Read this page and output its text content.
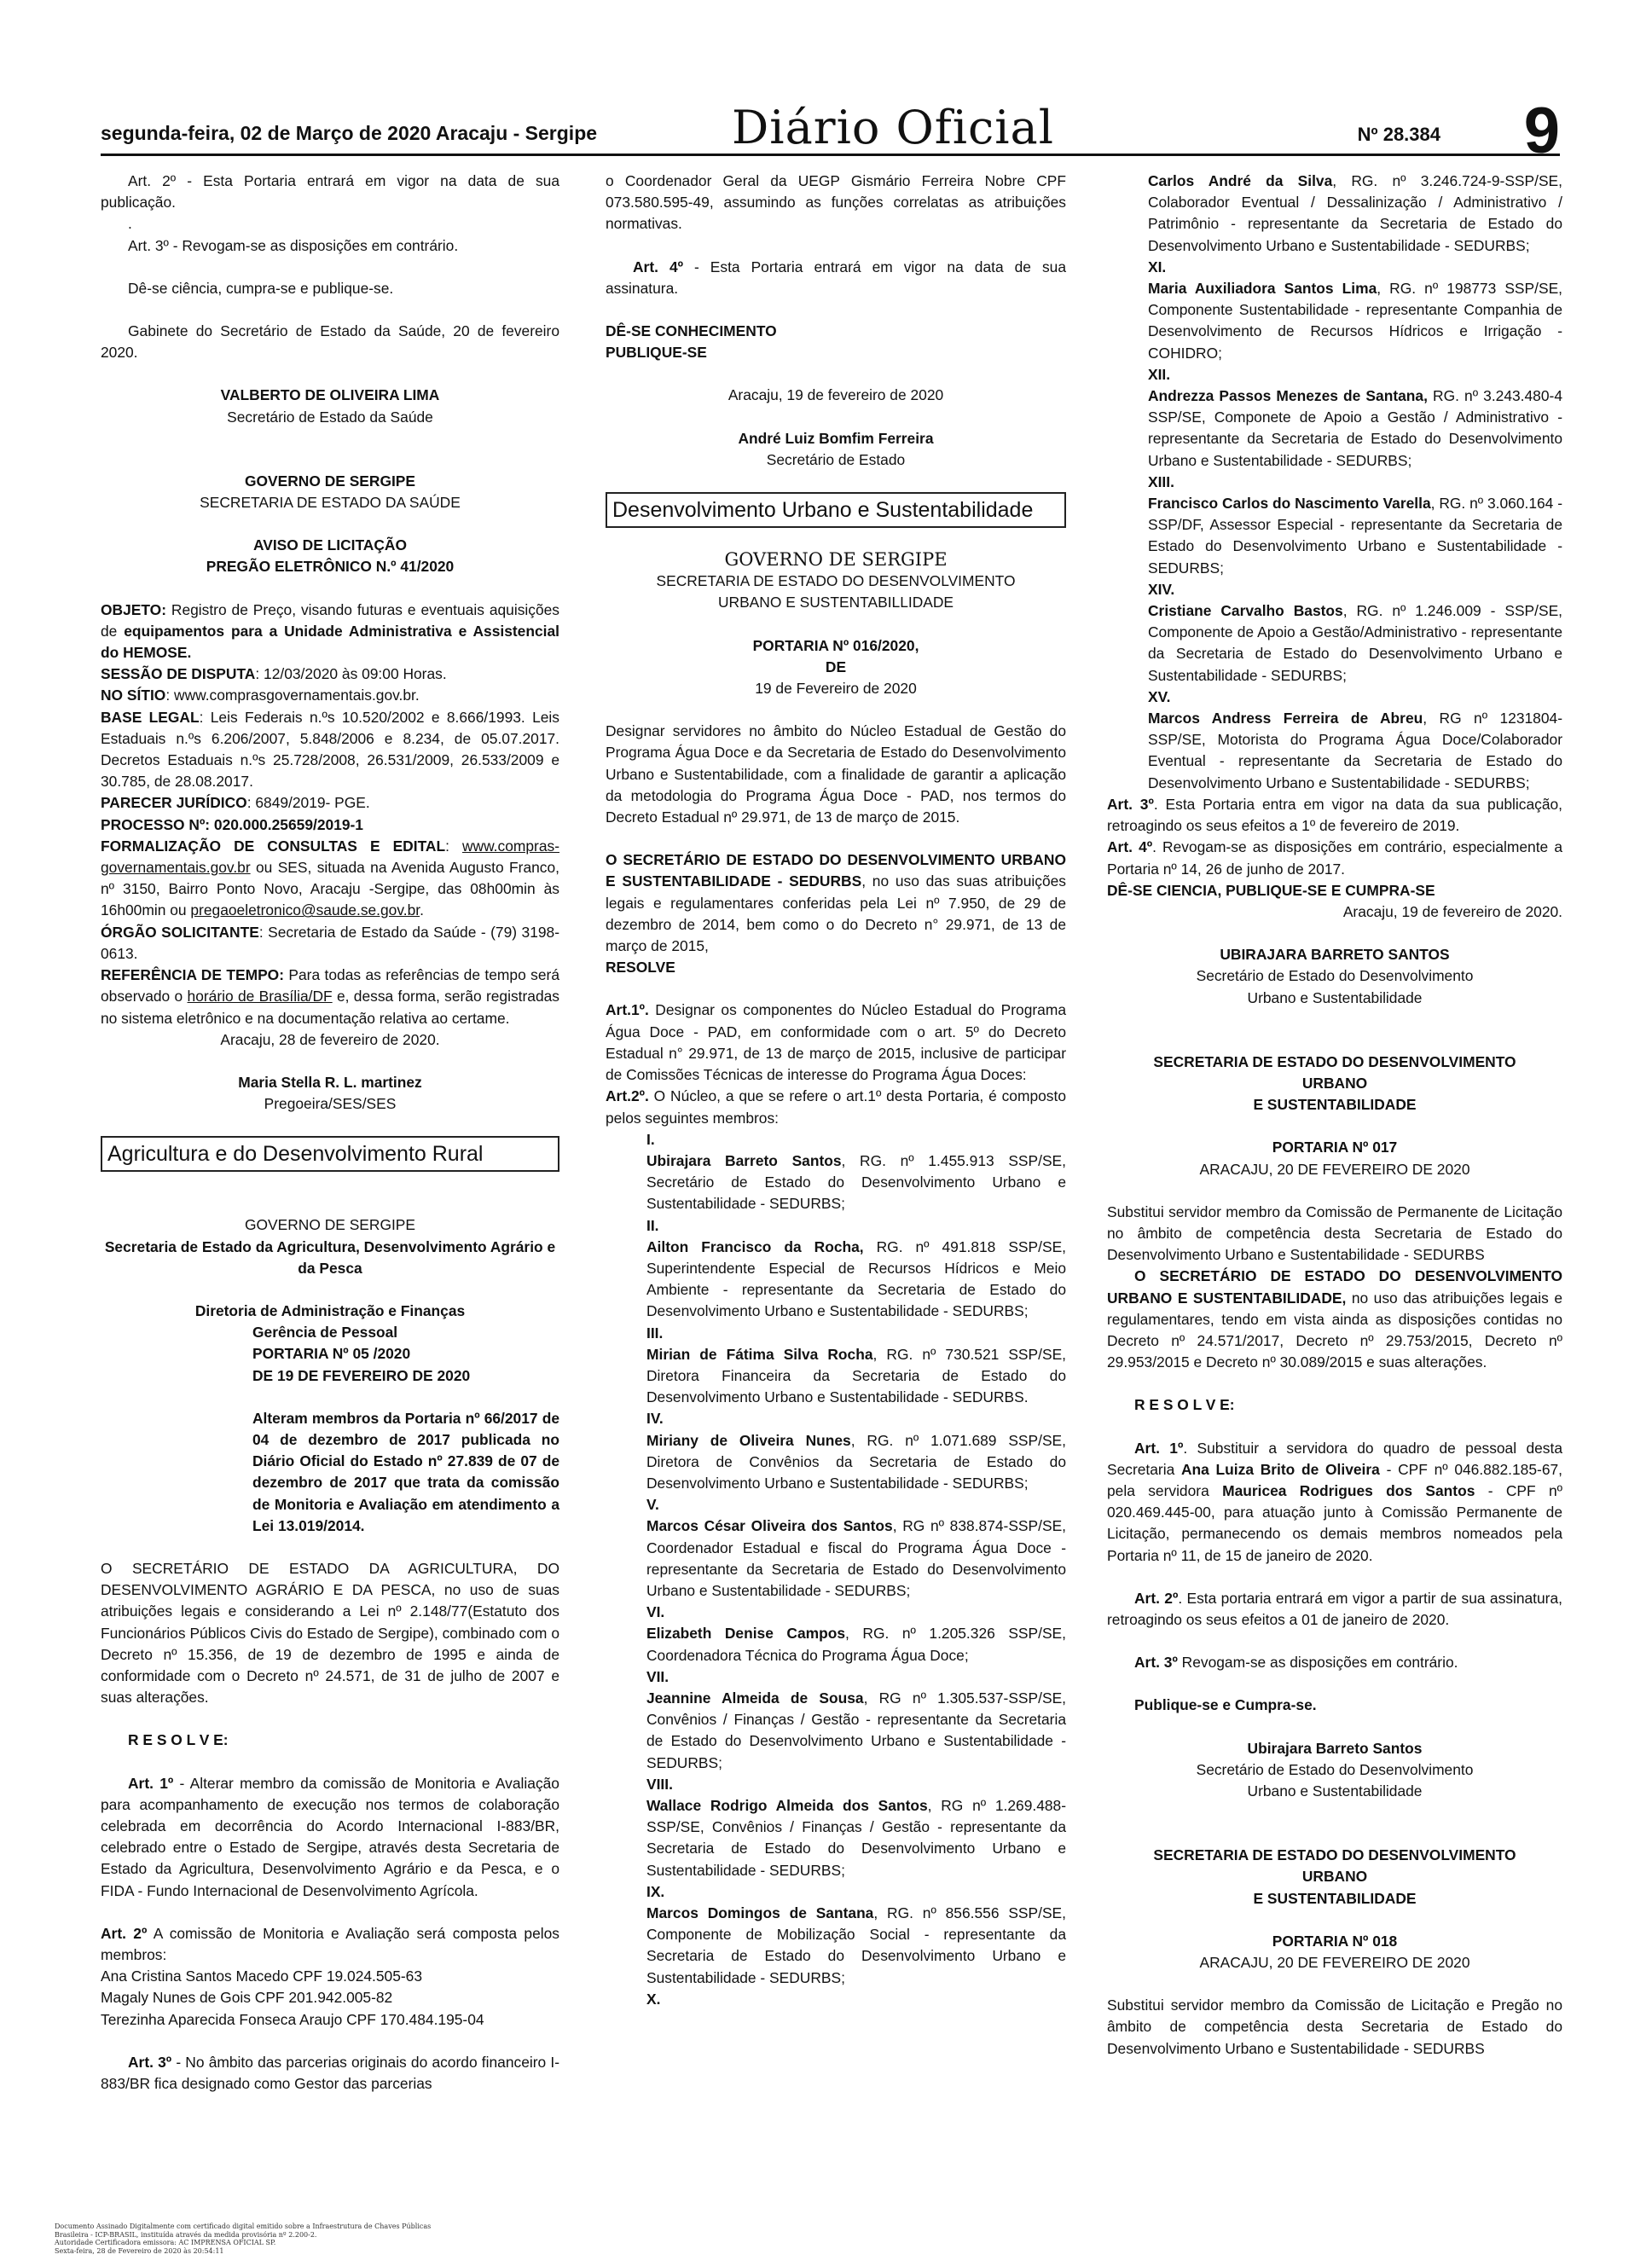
segunda-feira, 02 de Março de 2020 Aracaju - Sergipe	Diário Oficial	Nº 28.384 9

Art. 2º - Esta Portaria entrará em vigor na data de sua publicação.

.

Art. 3º - Revogam-se as disposições em contrário.

Dê-se ciência, cumpra-se e publique-se.

Gabinete do Secretário de Estado da Saúde, 20 de fevereiro 2020.

VALBERTO DE OLIVEIRA LIMA

Secretário de Estado da Saúde

GOVERNO DE SERGIPE

SECRETARIA DE ESTADO DA SAÚDE

AVISO DE LICITAÇÃO

PREGÃO ELETRÔNICO N.º 41/2020

OBJETO: Registro de Preço, visando futuras e eventuais aquisições de equipamentos para a Unidade Administrativa e Assistencial do HEMOSE.

SESSÃO DE DISPUTA: 12/03/2020 às 09:00 Horas.

NO SÍTIO: www.comprasgovernamentais.gov.br.

BASE LEGAL: Leis Federais n.ºs 10.520/2002 e 8.666/1993. Leis Estaduais n.ºs 6.206/2007, 5.848/2006 e 8.234, de 05.07.2017. Decretos Estaduais n.ºs 25.728/2008, 26.531/2009, 26.533/2009 e 30.785, de 28.08.2017.

PARECER JURÍDICO: 6849/2019- PGE.

PROCESSO Nº: 020.000.25659/2019-1

FORMALIZAÇÃO DE CONSULTAS E EDITAL: www.compras-governamentais.gov.br ou SES, situada na Avenida Augusto Franco, nº 3150, Bairro Ponto Novo, Aracaju -Sergipe, das 08h00min às 16h00min ou pregaoeletronico@saude.se.gov.br.

ÓRGÃO SOLICITANTE: Secretaria de Estado da Saúde - (79) 3198-0613.

REFERÊNCIA DE TEMPO: Para todas as referências de tempo será observado o horário de Brasília/DF e, dessa forma, serão registradas no sistema eletrônico e na documentação relativa ao certame.

Aracaju, 28 de fevereiro de 2020.

Maria Stella R. L. martinez

Pregoeira/SES/SES

Agricultura e do Desenvolvimento Rural

GOVERNO DE SERGIPE

Secretaria de Estado da Agricultura, Desenvolvimento Agrário e da Pesca

Diretoria de Administração e Finanças

Gerência de Pessoal

PORTARIA Nº 05 /2020

DE 19 DE FEVEREIRO DE 2020

Alteram membros da Portaria nº 66/2017 de 04 de dezembro de 2017 publicada no Diário Oficial do Estado nº 27.839 de 07 de dezembro de 2017 que trata da comissão de Monitoria e Avaliação em atendimento a Lei 13.019/2014.

O SECRETÁRIO DE ESTADO DA AGRICULTURA, DO DESENVOLVIMENTO AGRÁRIO E DA PESCA, no uso de suas atribuições legais e considerando a Lei nº 2.148/77(Estatuto dos Funcionários Públicos Civis do Estado de Sergipe), combinado com o Decreto nº 15.356, de 19 de dezembro de 1995 e ainda de conformidade com o Decreto nº 24.571, de 31 de julho de 2007 e suas alterações.

R E S O L V E:

Art. 1º - Alterar membro da comissão de Monitoria e Avaliação para acompanhamento de execução nos termos de colaboração celebrada em decorrência do Acordo Internacional I-883/BR, celebrado entre o Estado de Sergipe, através desta Secretaria de Estado da Agricultura, Desenvolvimento Agrário e da Pesca, e o FIDA - Fundo Internacional de Desenvolvimento Agrícola.

Art. 2º A comissão de Monitoria e Avaliação será composta pelos membros:

Ana Cristina Santos Macedo CPF 19.024.505-63

Magaly Nunes de Gois CPF 201.942.005-82

Terezinha Aparecida Fonseca Araujo CPF 170.484.195-04

Art. 3º - No âmbito das parcerias originais do acordo financeiro I-883/BR fica designado como Gestor das parcerias

o Coordenador Geral da UEGP Gismário Ferreira Nobre CPF 073.580.595-49, assumindo as funções correlatas as atribuições normativas.

Art. 4º - Esta Portaria entrará em vigor na data de sua assinatura.

DÊ-SE CONHECIMENTO

PUBLIQUE-SE

Aracaju, 19 de fevereiro de 2020

André Luiz Bomfim Ferreira

Secretário de Estado

Desenvolvimento Urbano e Sustentabilidade

GOVERNO DE SERGIPE

SECRETARIA DE ESTADO DO DESENVOLVIMENTO URBANO E SUSTENTABILLIDADE

PORTARIA Nº 016/2020,

DE

19 de Fevereiro de 2020

Designar servidores no âmbito do Núcleo Estadual de Gestão do Programa Água Doce e da Secretaria de Estado do Desenvolvimento Urbano e Sustentabilidade, com a finalidade de garantir a aplicação da metodologia do Programa Água Doce - PAD, nos termos do Decreto Estadual nº 29.971, de 13 de março de 2015.

O SECRETÁRIO DE ESTADO DO DESENVOLVIMENTO URBANO E SUSTENTABILIDADE - SEDURBS, no uso das suas atribuições legais e regulamentares conferidas pela Lei nº 7.950, de 29 de dezembro de 2014, bem como o do Decreto n° 29.971, de 13 de março de 2015,

RESOLVE

Art.1º. Designar os componentes do Núcleo Estadual do Programa Água Doce - PAD, em conformidade com o art. 5º do Decreto Estadual n° 29.971, de 13 de março de 2015, inclusive de participar de Comissões Técnicas de interesse do Programa Água Doces:

Art.2º. O Núcleo, a que se refere o art.1º desta Portaria, é composto pelos seguintes membros:

I.

Ubirajara Barreto Santos, RG. nº 1.455.913 SSP/SE, Secretário de Estado do Desenvolvimento Urbano e Sustentabilidade - SEDURBS;

II.

Ailton Francisco da Rocha, RG. nº 491.818 SSP/SE, Superintendente Especial de Recursos Hídricos e Meio Ambiente - representante da Secretaria de Estado do Desenvolvimento Urbano e Sustentabilidade - SEDURBS;

III.

Mirian de Fátima Silva Rocha, RG. nº 730.521 SSP/SE, Diretora Financeira da Secretaria de Estado do Desenvolvimento Urbano e Sustentabilidade - SEDURBS.

IV.

Miriany de Oliveira Nunes, RG. nº 1.071.689 SSP/SE, Diretora de Convênios da Secretaria de Estado do Desenvolvimento Urbano e Sustentabilidade - SEDURBS;

V.

Marcos César Oliveira dos Santos, RG nº 838.874-SSP/SE, Coordenador Estadual e fiscal do Programa Água Doce - representante da Secretaria de Estado do Desenvolvimento Urbano e Sustentabilidade - SEDURBS;

VI.

Elizabeth Denise Campos, RG. nº 1.205.326 SSP/SE, Coordenadora Técnica do Programa Água Doce;

VII.

Jeannine Almeida de Sousa, RG nº 1.305.537-SSP/SE, Convênios / Finanças / Gestão - representante da Secretaria de Estado do Desenvolvimento Urbano e Sustentabilidade - SEDURBS;

VIII.

Wallace Rodrigo Almeida dos Santos, RG nº 1.269.488-SSP/SE, Convênios / Finanças / Gestão - representante da Secretaria de Estado do Desenvolvimento Urbano e Sustentabilidade - SEDURBS;

IX.

Marcos Domingos de Santana, RG. nº 856.556 SSP/SE, Componente de Mobilização Social - representante da Secretaria de Estado do Desenvolvimento Urbano e Sustentabilidade - SEDURBS;

X.

Carlos André da Silva, RG. nº 3.246.724-9-SSP/SE, Colaborador Eventual / Dessalinização / Administrativo / Patrimônio - representante da Secretaria de Estado do Desenvolvimento Urbano e Sustentabilidade - SEDURBS;

XI.

Maria Auxiliadora Santos Lima, RG. nº 198773 SSP/SE, Componente Sustentabilidade - representante Companhia de Desenvolvimento de Recursos Hídricos e Irrigação - COHIDRO;

XII.

Andrezza Passos Menezes de Santana, RG. nº 3.243.480-4 SSP/SE, Componete de Apoio a Gestão / Administrativo - representante da Secretaria de Estado do Desenvolvimento Urbano e Sustentabilidade - SEDURBS;

XIII.

Francisco Carlos do Nascimento Varella, RG. nº 3.060.164 - SSP/DF, Assessor Especial - representante da Secretaria de Estado do Desenvolvimento Urbano e Sustentabilidade - SEDURBS;

XIV.

Cristiane Carvalho Bastos, RG. nº 1.246.009 - SSP/SE, Componente de Apoio a Gestão/Administrativo - representante da Secretaria de Estado do Desenvolvimento Urbano e Sustentabilidade - SEDURBS;

XV.

Marcos Andress Ferreira de Abreu, RG nº 1231804-SSP/SE, Motorista do Programa Água Doce/Colaborador Eventual - representante da Secretaria de Estado do Desenvolvimento Urbano e Sustentabilidade - SEDURBS;

Art. 3º. Esta Portaria entra em vigor na data da sua publicação, retroagindo os seus efeitos a 1º de fevereiro de 2019.

Art. 4º. Revogam-se as disposições em contrário, especialmente a Portaria nº 14, 26 de junho de 2017.

DÊ-SE CIENCIA, PUBLIQUE-SE E CUMPRA-SE

Aracaju, 19 de fevereiro de 2020.

UBIRAJARA BARRETO SANTOS

Secretário de Estado do Desenvolvimento

Urbano e Sustentabilidade

SECRETARIA DE ESTADO DO DESENVOLVIMENTO

URBANO

E SUSTENTABILIDADE

PORTARIA Nº 017

ARACAJU, 20 DE FEVEREIRO DE 2020

Substitui servidor membro da Comissão de Permanente de Licitação no âmbito de competência desta Secretaria de Estado do Desenvolvimento Urbano e Sustentabilidade - SEDURBS

O SECRETÁRIO DE ESTADO DO DESENVOLVIMENTO URBANO E SUSTENTABILIDADE, no uso das atribuições legais e regulamentares, tendo em vista ainda as disposições contidas no Decreto nº 24.571/2017, Decreto nº 29.753/2015, Decreto nº 29.953/2015 e Decreto nº 30.089/2015 e suas alterações.

R E S O L V E:

Art. 1º. Substituir a servidora do quadro de pessoal desta Secretaria Ana Luiza Brito de Oliveira - CPF nº 046.882.185-67, pela servidora Mauricea Rodrigues dos Santos - CPF nº 020.469.445-00, para atuação junto à Comissão Permanente de Licitação, permanecendo os demais membros nomeados pela Portaria nº 11, de 15 de janeiro de 2020.

Art. 2º. Esta portaria entrará em vigor a partir de sua assinatura, retroagindo os seus efeitos a 01 de janeiro de 2020.

Art. 3º Revogam-se as disposições em contrário.

Publique-se e Cumpra-se.

Ubirajara Barreto Santos

Secretário de Estado do Desenvolvimento

Urbano e Sustentabilidade

SECRETARIA DE ESTADO DO DESENVOLVIMENTO

URBANO

E SUSTENTABILIDADE

PORTARIA Nº 018

ARACAJU, 20 DE FEVEREIRO DE 2020

Substitui servidor membro da Comissão de Licitação e Pregão no âmbito de competência desta Secretaria de Estado do Desenvolvimento Urbano e Sustentabilidade - SEDURBS

Documento Assinado Digitalmente com certificado digital emitido sobre a Infraestrutura de Chaves Públicas
Brasileira - ICP-BRASIL, instituída através da medida provisória nº 2.200-2.
Autoridade Certificadora emissora: AC IMPRENSA OFICIAL SP.
Sexta-feira, 28 de Fevereiro de 2020 às 20:54:11
